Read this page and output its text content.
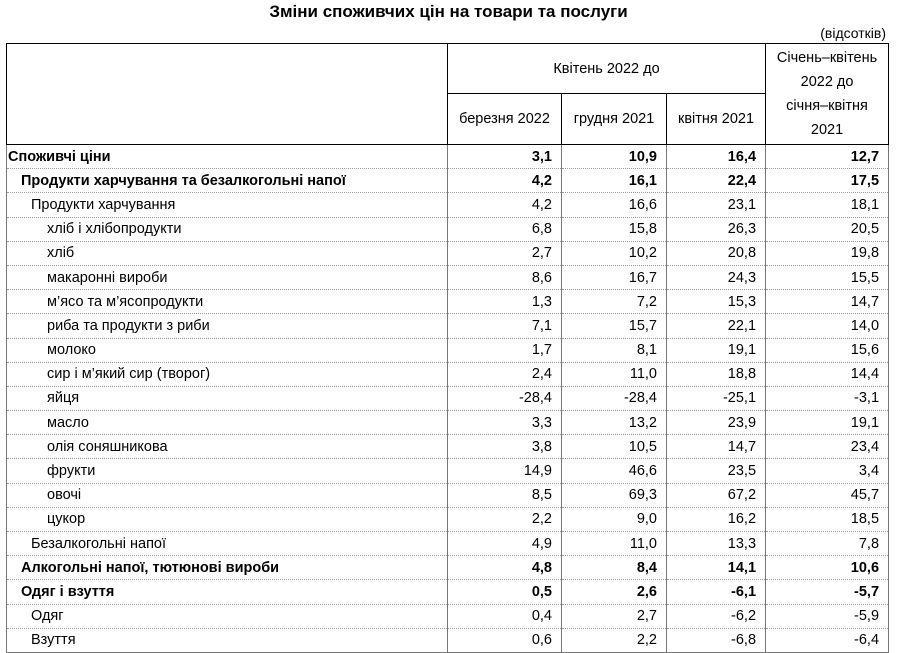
Зміни споживчих цін на товари та послуги
(відсотків)
	Квітень 2022 до			Січень–квітень
2022 до
січня–квітня
2021

	березня 2022	грудня 2021	квітня 2021	
Споживчі ціни	3,1	10,9	16,4	12,7
Продукти харчування та безалкогольні напої	4,2	16,1	22,4	17,5
Продукти харчування	4,2	16,6	23,1	18,1
хліб і хлібопродукти	6,8	15,8	26,3	20,5
хліб	2,7	10,2	20,8	19,8
макаронні вироби	8,6	16,7	24,3	15,5
м’ясо та м’ясопродукти	1,3	7,2	15,3	14,7
риба та продукти з риби	7,1	15,7	22,1	14,0
молоко	1,7	8,1	19,1	15,6
сир і м’який сир (творог)	2,4	11,0	18,8	14,4
яйця	-28,4	-28,4	-25,1	-3,1
масло	3,3	13,2	23,9	19,1
олія соняшникова	3,8	10,5	14,7	23,4
фрукти	14,9	46,6	23,5	3,4
овочі	8,5	69,3	67,2	45,7
цукор	2,2	9,0	16,2	18,5
Безалкогольні напої	4,9	11,0	13,3	7,8
Алкогольні напої, тютюнові вироби	4,8	8,4	14,1	10,6
Одяг і взуття	0,5	2,6	-6,1	-5,7
Одяг	0,4	2,7	-6,2	-5,9
Взуття	0,6	2,2	-6,8	-6,4
